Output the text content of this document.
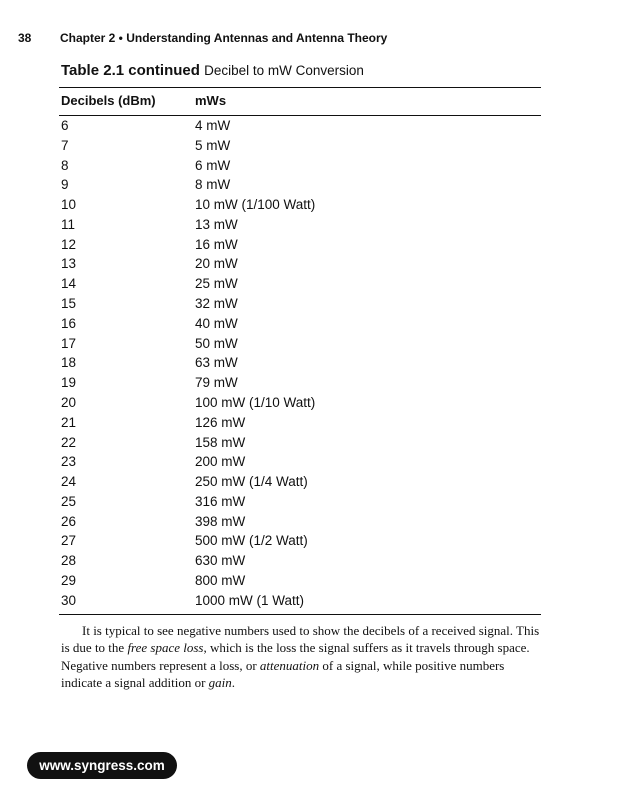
38 Chapter 2 • Understanding Antennas and Antenna Theory
Table 2.1 continued Decibel to mW Conversion
Decibels (dBm)	mWs
6	4 mW
7	5 mW
8	6 mW
9	8 mW
10	10 mW (1/100 Watt)
11	13 mW
12	16 mW
13	20 mW
14	25 mW
15	32 mW
16	40 mW
17	50 mW
18	63 mW
19	79 mW
20	100 mW (1/10 Watt)
21	126 mW
22	158 mW
23	200 mW
24	250 mW (1/4 Watt)
25	316 mW
26	398 mW
27	500 mW (1/2 Watt)
28	630 mW
29	800 mW
30	1000 mW (1 Watt)

It is typical to see negative numbers used to show the decibels of a received signal. This is due to the free space loss, which is the loss the signal suffers as it travels through space. Negative numbers represent a loss, or attenuation of a signal, while positive numbers indicate a signal addition or gain.

www.syngress.com
